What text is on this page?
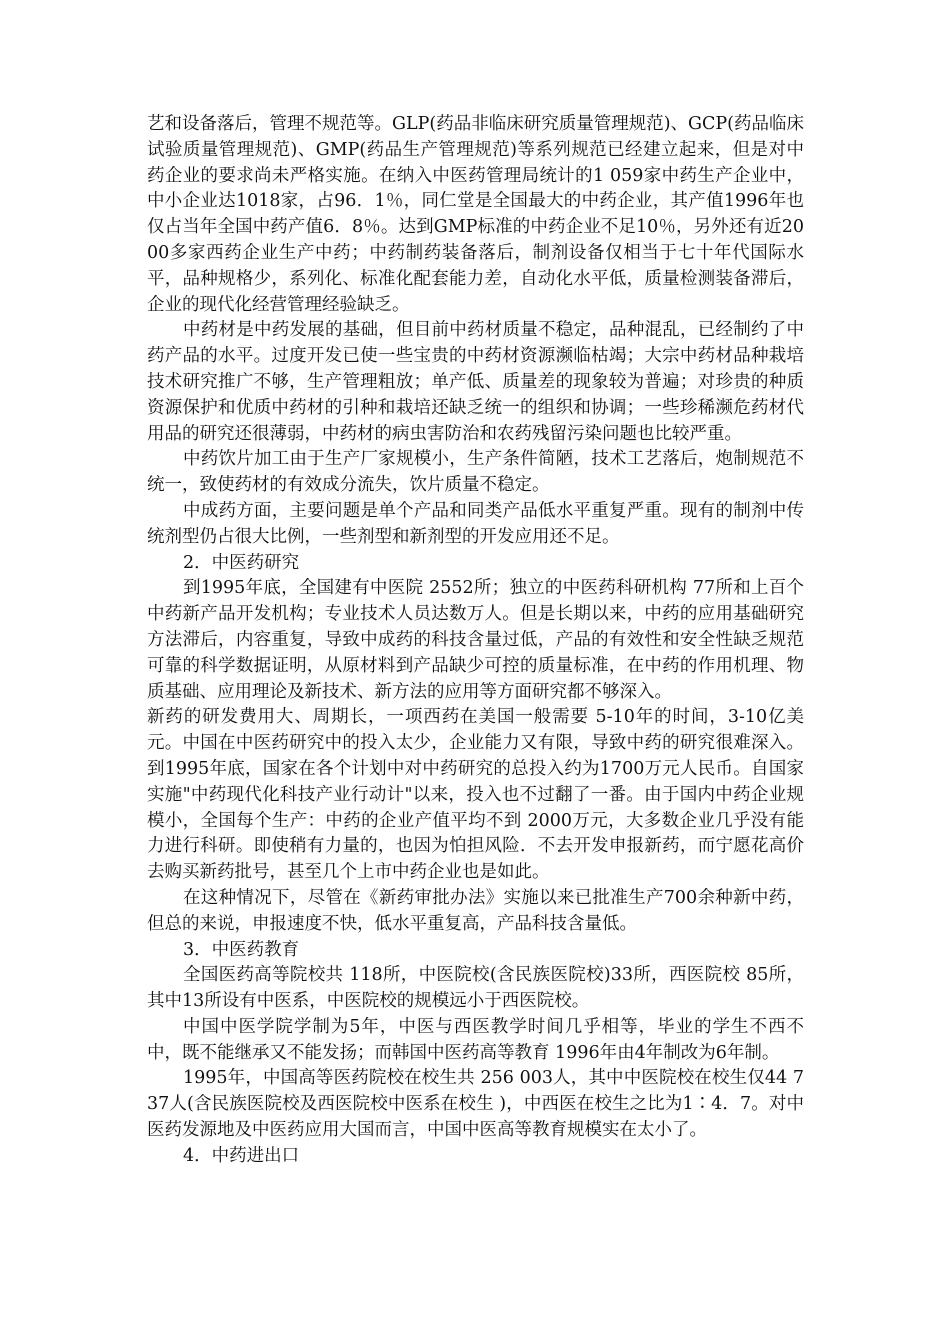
艺和设备落后，管理不规范等。GLP(药品非临床研究质量管理规范)、GCP(药品临床试验质量管理规范)、GMP(药品生产管理规范)等系列规范已经建立起来，但是对中药企业的要求尚未严格实施。在纳入中医药管理局统计的1 059家中药生产企业中，中小企业达1018家，占96．1％，同仁堂是全国最大的中药企业，其产值1996年也仅占当年全国中药产值6．8％。达到GMP标准的中药企业不足10％，另外还有近2000多家西药企业生产中药；中药制药装备落后，制剂设备仅相当于七十年代国际水平，品种规格少，系列化、标准化配套能力差，自动化水平低，质量检测装备滞后，企业的现代化经营管理经验缺乏。

中药材是中药发展的基础，但目前中药材质量不稳定，品种混乱，已经制约了中药产品的水平。过度开发已使一些宝贵的中药材资源濒临枯竭；大宗中药材品种栽培技术研究推广不够，生产管理粗放；单产低、质量差的现象较为普遍；对珍贵的种质资源保护和优质中药材的引种和栽培还缺乏统一的组织和协调；一些珍稀濒危药材代用品的研究还很薄弱，中药材的病虫害防治和农药残留污染问题也比较严重。

中药饮片加工由于生产厂家规模小，生产条件简陋，技术工艺落后，炮制规范不统一，致使药材的有效成分流失，饮片质量不稳定。

中成药方面，主要问题是单个产品和同类产品低水平重复严重。现有的制剂中传统剂型仍占很大比例，一些剂型和新剂型的开发应用还不足。

2．中医药研究

到1995年底，全国建有中医院 2552所；独立的中医药科研机构 77所和上百个中药新产品开发机构；专业技术人员达数万人。但是长期以来，中药的应用基础研究方法滞后，内容重复，导致中成药的科技含量过低，产品的有效性和安全性缺乏规范可靠的科学数据证明，从原材料到产品缺少可控的质量标准，在中药的作用机理、物质基础、应用理论及新技术、新方法的应用等方面研究都不够深入。

新药的研发费用大、周期长，一项西药在美国一般需要 5-10年的时间，3-10亿美元。中国在中医药研究中的投入太少，企业能力又有限，导致中药的研究很难深入。到1995年底，国家在各个计划中对中药研究的总投入约为1700万元人民币。自国家实施"中药现代化科技产业行动计"以来，投入也不过翻了一番。由于国内中药企业规模小，全国每个生产：中药的企业产值平均不到 2000万元，大多数企业几乎没有能力进行科研。即使稍有力量的，也因为怕担风险．不去开发申报新药，而宁愿花高价去购买新药批号，甚至几个上市中药企业也是如此。

在这种情况下，尽管在《新药审批办法》实施以来已批准生产700余种新中药，但总的来说，申报速度不快，低水平重复高，产品科技含量低。

3．中医药教育

全国医药高等院校共 118所，中医院校(含民族医院校)33所，西医院校 85所，其中13所设有中医系，中医院校的规模远小于西医院校。

中国中医学院学制为5年，中医与西医教学时间几乎相等，毕业的学生不西不中，既不能继承又不能发扬；而韩国中医药高等教育 1996年由4年制改为6年制。

1995年，中国高等医药院校在校生共 256 003人，其中中医院校在校生仅44 737人(含民族医院校及西医院校中医系在校生 )，中西医在校生之比为1∶4．7。对中医药发源地及中医药应用大国而言，中国中医高等教育规模实在太小了。

4．中药进出口
